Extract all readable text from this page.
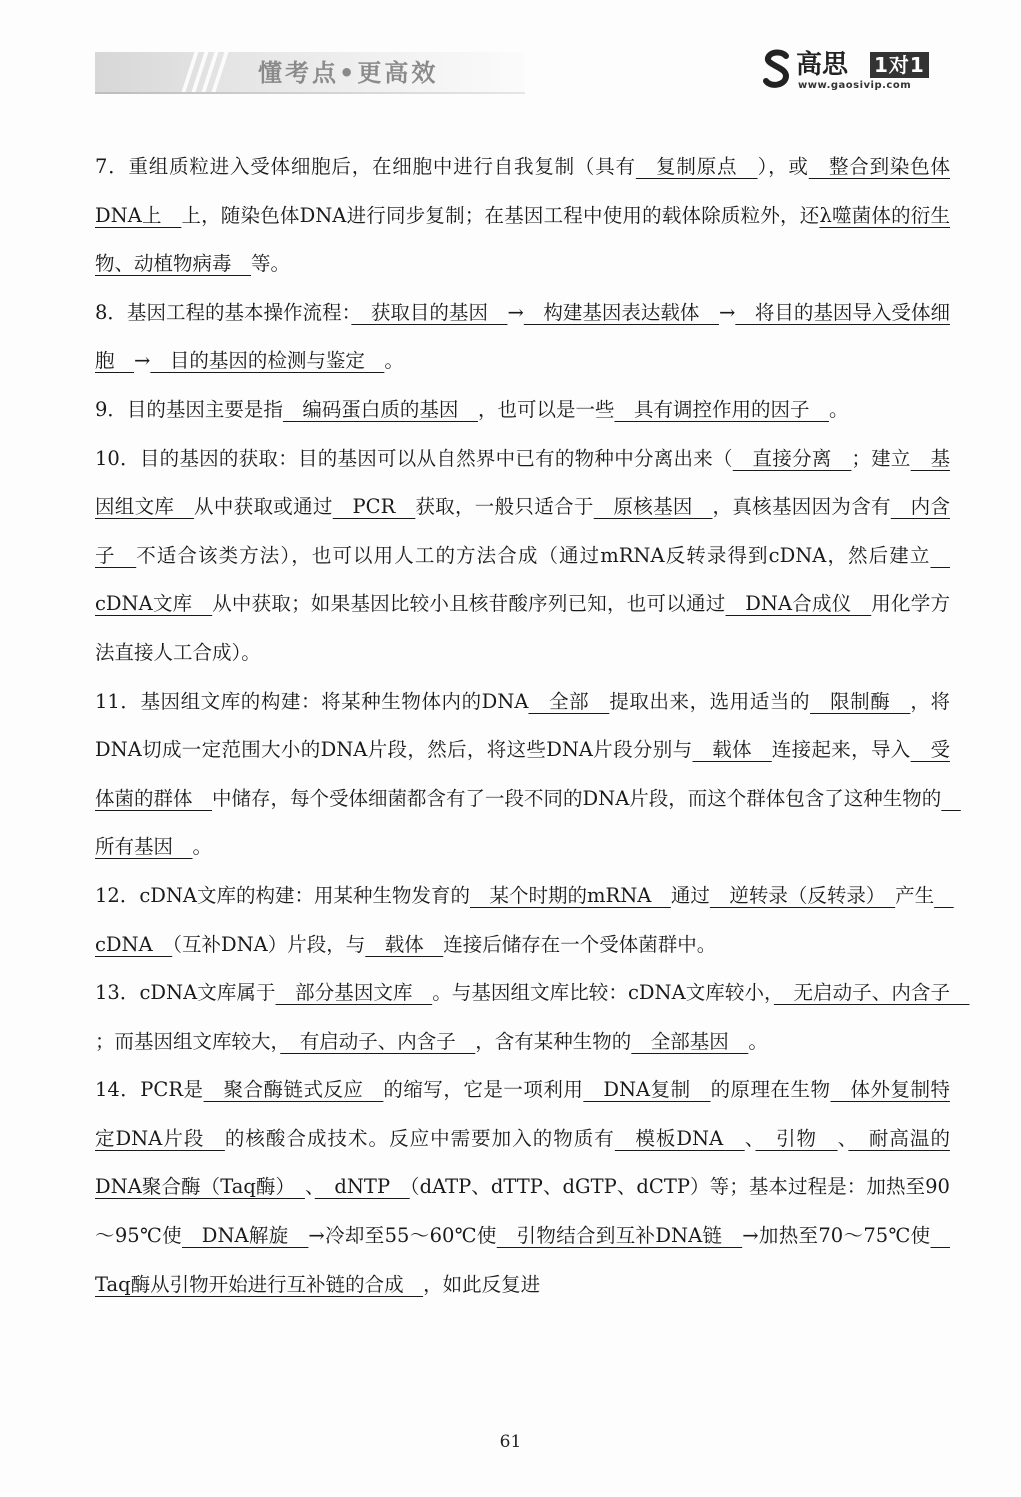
懂考点•更高效	高思 1对1
www.gaosivip.com

7．重组质粒进入受体细胞后，在细胞中进行自我复制（具有　复制原点　），或　整合到染色体DNA上　上，随染色体DNA进行同步复制；在基因工程中使用的载体除质粒外，还λ噬菌体的衍生物、动植物病毒　等。

8．基因工程的基本操作流程：　获取目的基因　→　构建基因表达载体　→　将目的基因导入受体细胞　→　目的基因的检测与鉴定　。

9．目的基因主要是指　编码蛋白质的基因　，也可以是一些　具有调控作用的因子　。

10．目的基因的获取：目的基因可以从自然界中已有的物种中分离出来（　直接分离　；建立　基因组文库　从中获取或通过　PCR　获取，一般只适合于　原核基因　，真核基因因为含有　内含子　不适合该类方法），也可以用人工的方法合成（通过mRNA反转录得到cDNA，然后建立　cDNA文库　从中获取；如果基因比较小且核苷酸序列已知，也可以通过　DNA合成仪　用化学方法直接人工合成）。

11．基因组文库的构建：将某种生物体内的DNA　全部　提取出来，选用适当的　限制酶　，将DNA切成一定范围大小的DNA片段，然后，将这些DNA片段分别与　载体　连接起来，导入　受体菌的群体　中储存，每个受体细菌都含有了一段不同的DNA片段，而这个群体包含了这种生物的　所有基因　。

12．cDNA文库的构建：用某种生物发育的　某个时期的mRNA　通过　逆转录（反转录）　产生　cDNA　（互补DNA）片段，与　载体　连接后储存在一个受体菌群中。

13．cDNA文库属于　部分基因文库　。与基因组文库比较：cDNA文库较小，　无启动子、内含子　；而基因组文库较大，　有启动子、内含子　，含有某种生物的　全部基因　。

14．PCR是　聚合酶链式反应　的缩写，它是一项利用　DNA复制　的原理在生物　体外复制特定DNA片段　的核酸合成技术。反应中需要加入的物质有　模板DNA　、　引物　、　耐高温的DNA聚合酶（Taq酶）　、　dNTP　（dATP、dTTP、dGTP、dCTP）等；基本过程是：加热至90～95℃使　DNA解旋　→冷却至55～60℃使　引物结合到互补DNA链　→加热至70～75℃使　Taq酶从引物开始进行互补链的合成　，如此反复进

61
